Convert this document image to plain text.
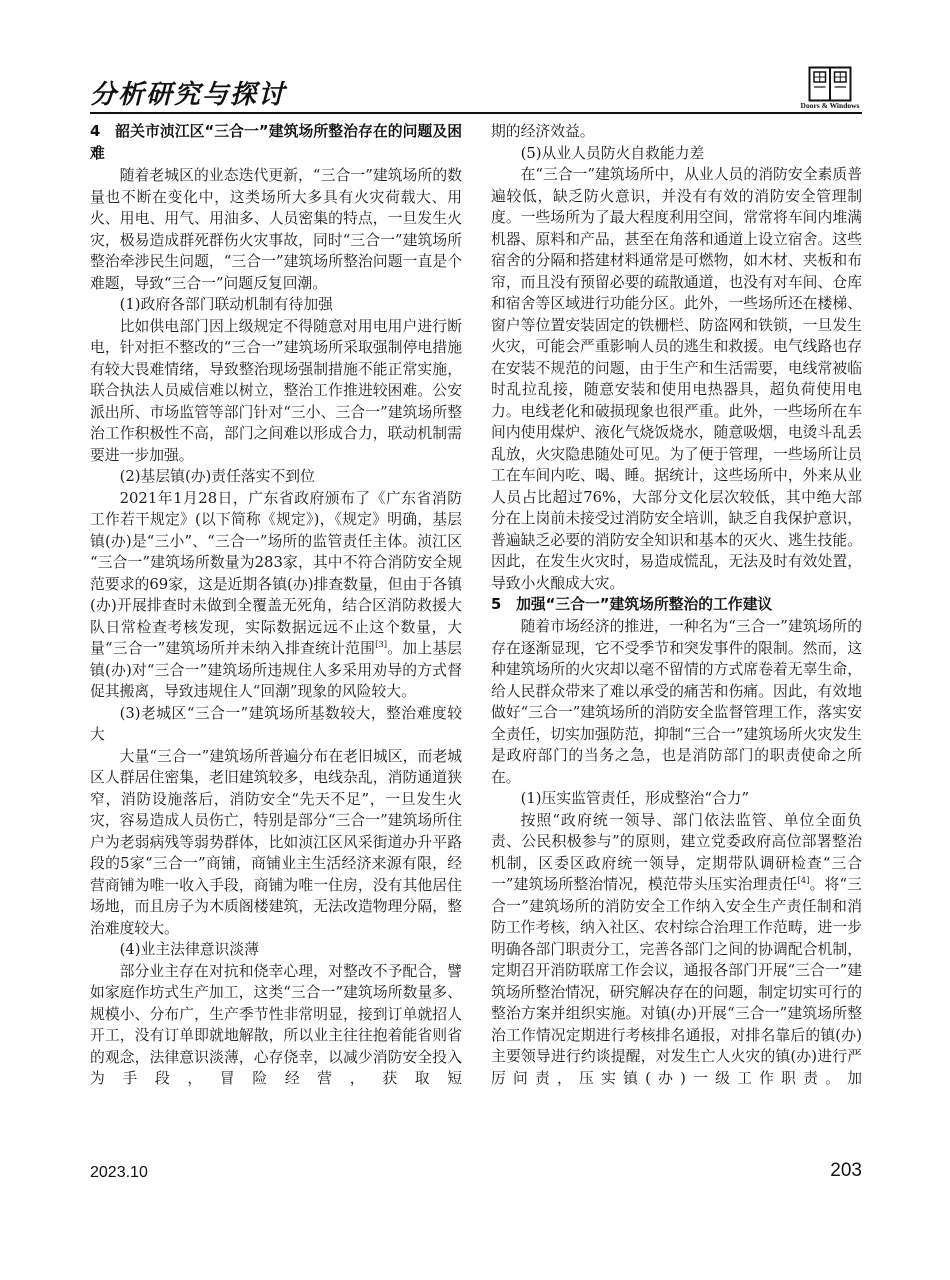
分析研究与探讨	Doors & Windows
4　韶关市浈江区“三合一”建筑场所整治存在的问题及困难

随着老城区的业态迭代更新，“三合一”建筑场所的数量也不断在变化中，这类场所大多具有火灾荷载大、用火、用电、用气、用油多、人员密集的特点，一旦发生火灾，极易造成群死群伤火灾事故，同时“三合一”建筑场所整治牵涉民生问题，“三合一”建筑场所整治问题一直是个难题，导致“三合一”问题反复回潮。

(1)政府各部门联动机制有待加强

比如供电部门因上级规定不得随意对用电用户进行断电，针对拒不整改的“三合一”建筑场所采取强制停电措施有较大畏难情绪，导致整治现场强制措施不能正常实施，联合执法人员威信难以树立，整治工作推进较困难。公安派出所、市场监管等部门针对“三小、三合一”建筑场所整治工作积极性不高，部门之间难以形成合力，联动机制需要进一步加强。

(2)基层镇(办)责任落实不到位

2021年1月28日，广东省政府颁布了《广东省消防工作若干规定》(以下简称《规定》)，《规定》明确，基层镇(办)是“三小”、“三合一”场所的监管责任主体。浈江区 “三合一”建筑场所数量为283家，其中不符合消防安全规范要求的69家，这是近期各镇(办)排查数量，但由于各镇(办)开展排查时未做到全覆盖无死角，结合区消防救援大队日常检查考核发现，实际数据远远不止这个数量，大量“三合一”建筑场所并未纳入排查统计范围[3]。加上基层镇(办)对“三合一”建筑场所违规住人多采用劝导的方式督促其搬离，导致违规住人“回潮”现象的风险较大。

(3)老城区“三合一”建筑场所基数较大，整治难度较大

大量“三合一”建筑场所普遍分布在老旧城区，而老城区人群居住密集，老旧建筑较多，电线杂乱，消防通道狭窄，消防设施落后，消防安全“先天不足”，一旦发生火灾，容易造成人员伤亡，特别是部分“三合一”建筑场所住户为老弱病残等弱势群体，比如浈江区风采街道办升平路段的5家“三合一”商铺，商铺业主生活经济来源有限，经营商铺为唯一收入手段，商铺为唯一住房，没有其他居住场地，而且房子为木质阁楼建筑，无法改造物理分隔，整治难度较大。

(4)业主法律意识淡薄

部分业主存在对抗和侥幸心理，对整改不予配合，譬如家庭作坊式生产加工，这类“三合一”建筑场所数量多、规模小、分布广，生产季节性非常明显，接到订单就招人开工，没有订单即就地解散，所以业主往往抱着能省则省的观念，法律意识淡薄，心存侥幸，以减少消防安全投入为手段，冒险经营，获取短

期的经济效益。

(5)从业人员防火自救能力差

在“三合一”建筑场所中，从业人员的消防安全素质普遍较低，缺乏防火意识，并没有有效的消防安全管理制度。一些场所为了最大程度利用空间，常常将车间内堆满机器、原料和产品，甚至在角落和通道上设立宿舍。这些宿舍的分隔和搭建材料通常是可燃物，如木材、夹板和布帘，而且没有预留必要的疏散通道，也没有对车间、仓库和宿舍等区域进行功能分区。此外，一些场所还在楼梯、窗户等位置安装固定的铁栅栏、防盗网和铁锁，一旦发生火灾，可能会严重影响人员的逃生和救援。电气线路也存在安装不规范的问题，由于生产和生活需要，电线常被临时乱拉乱接，随意安装和使用电热器具，超负荷使用电力。电线老化和破损现象也很严重。此外，一些场所在车间内使用煤炉、液化气烧饭烧水，随意吸烟，电烫斗乱丢乱放，火灾隐患随处可见。为了便于管理，一些场所让员工在车间内吃、喝、睡。据统计，这些场所中，外来从业人员占比超过76%，大部分文化层次较低，其中绝大部分在上岗前未接受过消防安全培训，缺乏自我保护意识，普遍缺乏必要的消防安全知识和基本的灭火、逃生技能。因此，在发生火灾时，易造成慌乱，无法及时有效处置，导致小火酿成大灾。

5　加强“三合一”建筑场所整治的工作建议

随着市场经济的推进，一种名为“三合一”建筑场所的存在逐渐显现，它不受季节和突发事件的限制。然而，这种建筑场所的火灾却以毫不留情的方式席卷着无辜生命，给人民群众带来了难以承受的痛苦和伤痛。因此，有效地做好“三合一”建筑场所的消防安全监督管理工作，落实安全责任，切实加强防范，抑制“三合一”建筑场所火灾发生是政府部门的当务之急，也是消防部门的职责使命之所在。

(1)压实监管责任，形成整治“合力”

按照“政府统一领导、部门依法监管、单位全面负责、公民积极参与”的原则，建立党委政府高位部署整治机制，区委区政府统一领导，定期带队调研检查“三合一”建筑场所整治情况，模范带头压实治理责任[4]。将“三合一”建筑场所的消防安全工作纳入安全生产责任制和消防工作考核，纳入社区、农村综合治理工作范畴，进一步明确各部门职责分工，完善各部门之间的协调配合机制，定期召开消防联席工作会议，通报各部门开展“三合一”建筑场所整治情况，研究解决存在的问题，制定切实可行的整治方案并组织实施。对镇(办)开展“三合一”建筑场所整治工作情况定期进行考核排名通报，对排名靠后的镇(办)主要领导进行约谈提醒，对发生亡人火灾的镇(办)进行严厉问责，压实镇(办)一级工作职责。加

2023.10	203
